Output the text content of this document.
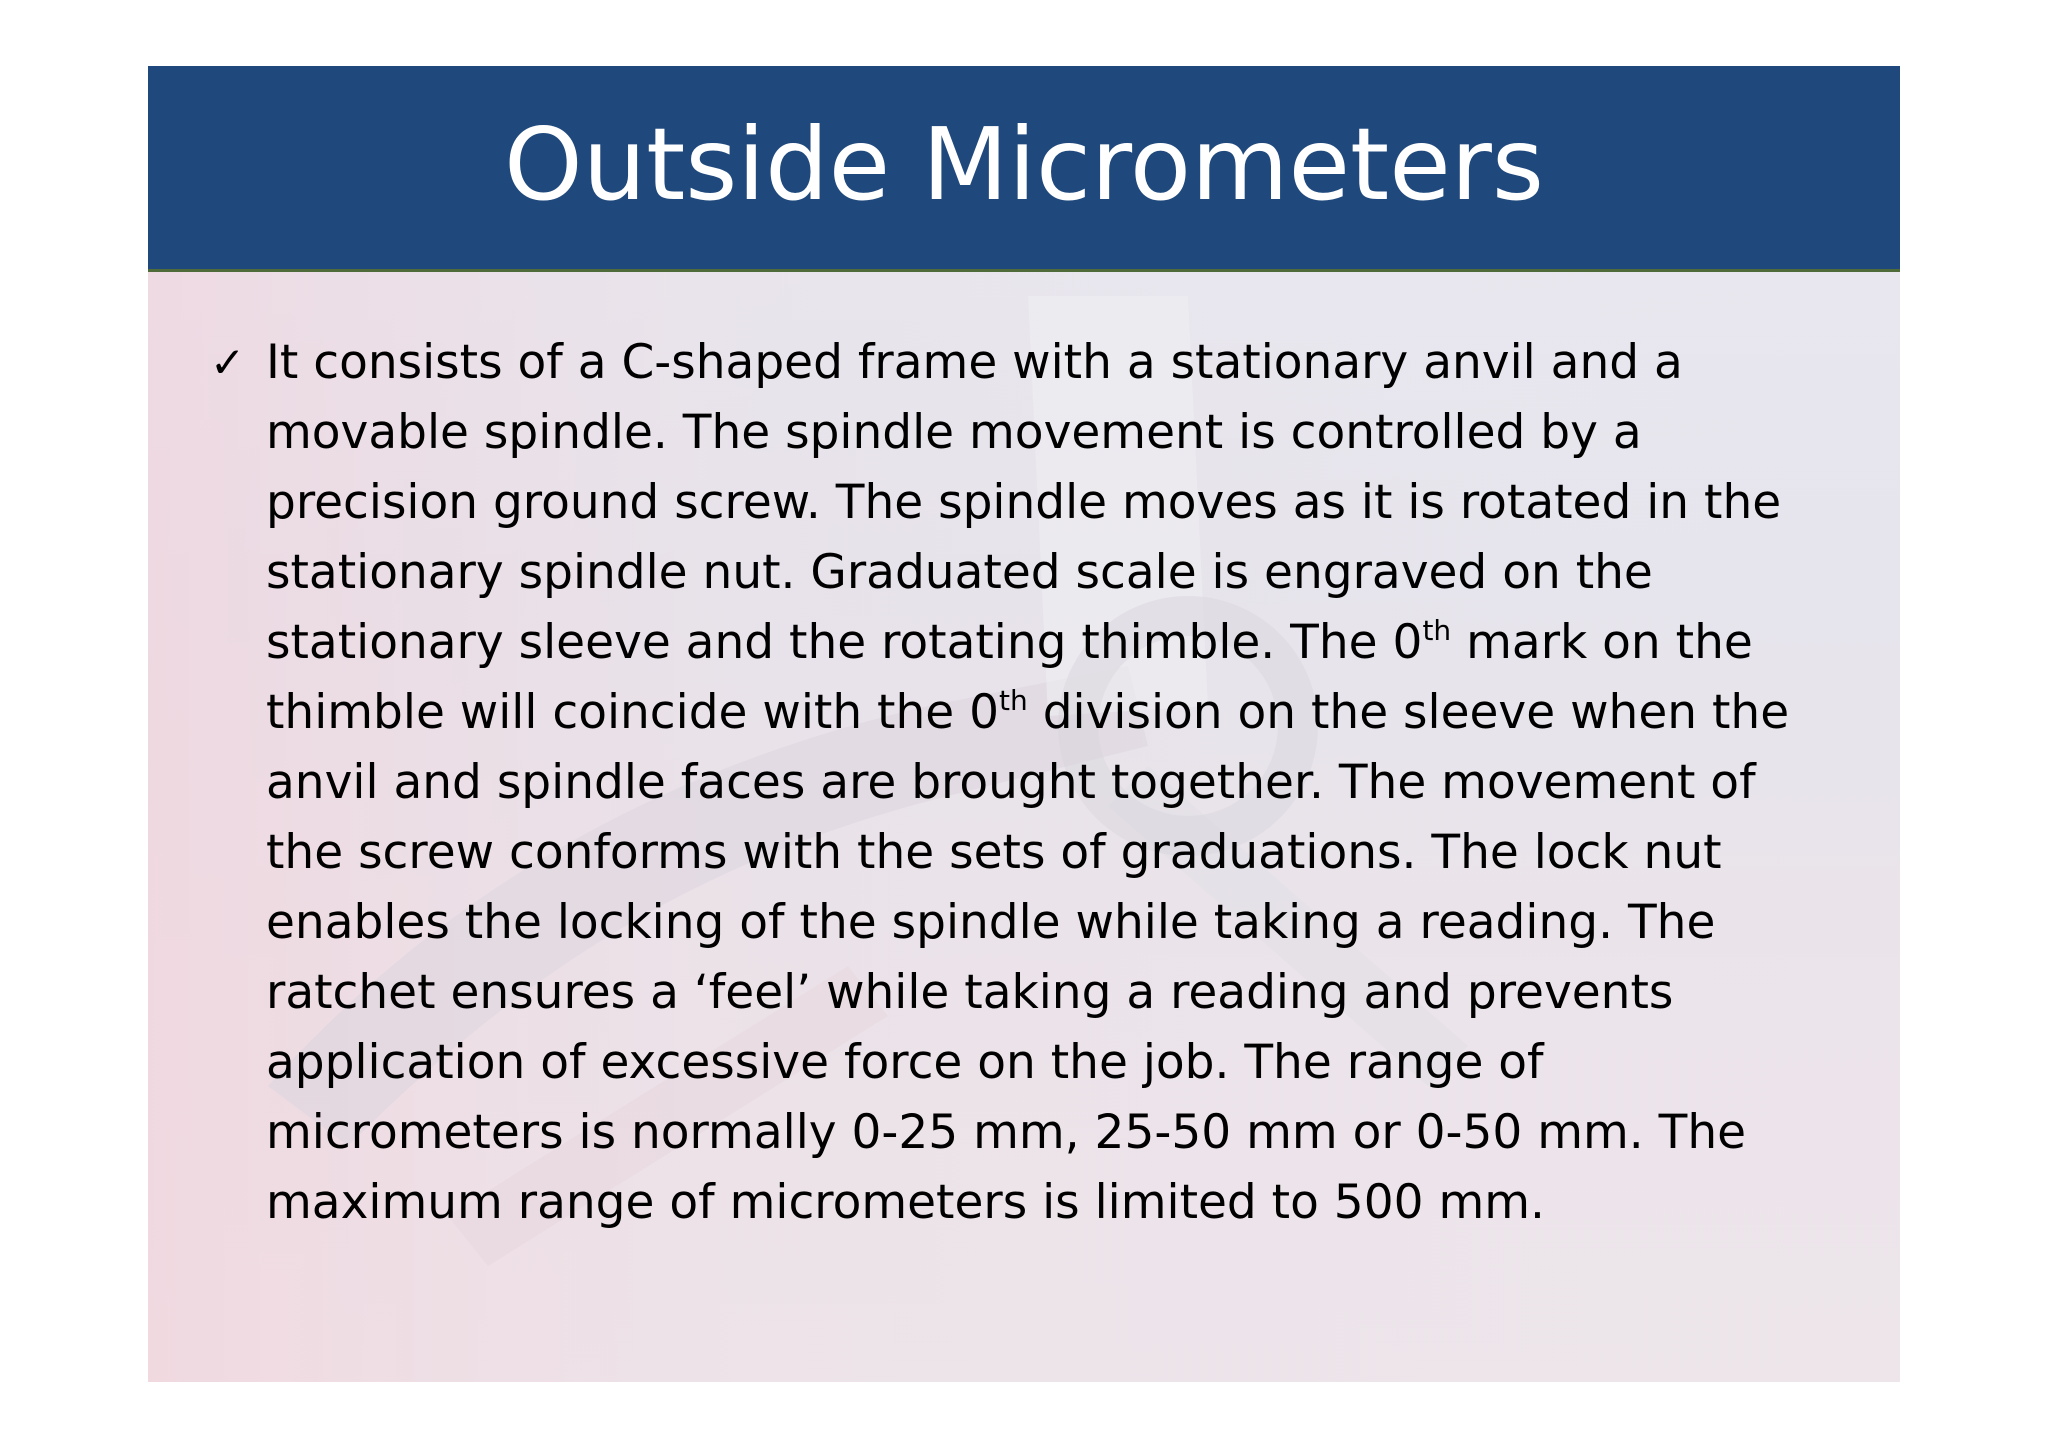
Outside Micrometers
✓ It consists of a C-shaped frame with a stationary anvil and a
movable spindle. The spindle movement is controlled by a
precision ground screw. The spindle moves as it is rotated in the
stationary spindle nut. Graduated scale is engraved on the
stationary sleeve and the rotating thimble. The 0th mark on the
thimble will coincide with the 0th division on the sleeve when the
anvil and spindle faces are brought together. The movement of
the screw conforms with the sets of graduations. The lock nut
enables the locking of the spindle while taking a reading. The
ratchet ensures a ‘feel’ while taking a reading and prevents
application of excessive force on the job. The range of
micrometers is normally 0-25 mm, 25-50 mm or 0-50 mm. The
maximum range of micrometers is limited to 500 mm.
